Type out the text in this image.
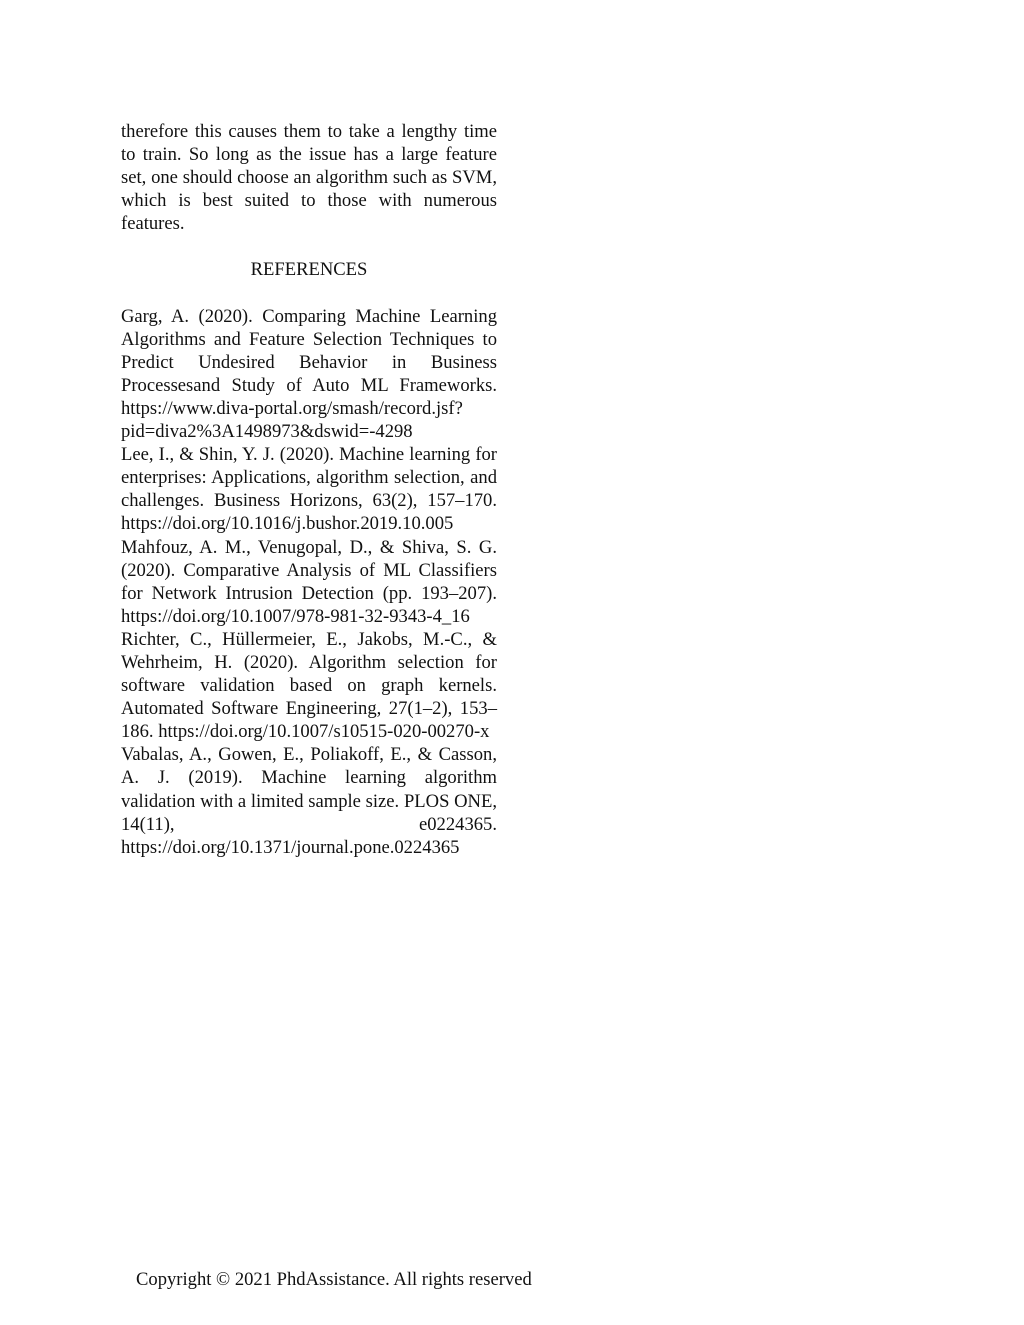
therefore this causes them to take a lengthy time to train. So long as the issue has a large feature set, one should choose an algorithm such as SVM, which is best suited to those with numerous features.

REFERENCES
Garg, A. (2020). Comparing Machine Learning Algorithms and Feature Selection Techniques to Predict Undesired Behavior in Business Processesand Study of Auto ML Frameworks. https://www.diva-portal.org/smash/record.jsf?pid=diva2%3A1498973&dswid=-4298
Lee, I., & Shin, Y. J. (2020). Machine learning for enterprises: Applications, algorithm selection, and challenges. Business Horizons, 63(2), 157–170. https://doi.org/10.1016/j.bushor.2019.10.005
Mahfouz, A. M., Venugopal, D., & Shiva, S. G. (2020). Comparative Analysis of ML Classifiers for Network Intrusion Detection (pp. 193–207). https://doi.org/10.1007/978-981-32-9343-4_16
Richter, C., Hüllermeier, E., Jakobs, M.-C., & Wehrheim, H. (2020). Algorithm selection for software validation based on graph kernels. Automated Software Engineering, 27(1–2), 153–186. https://doi.org/10.1007/s10515-020-00270-x
Vabalas, A., Gowen, E., Poliakoff, E., & Casson, A. J. (2019). Machine learning algorithm validation with a limited sample size. PLOS ONE, 14(11), e0224365. https://doi.org/10.1371/journal.pone.0224365
Copyright © 2021 PhdAssistance. All rights reserved
